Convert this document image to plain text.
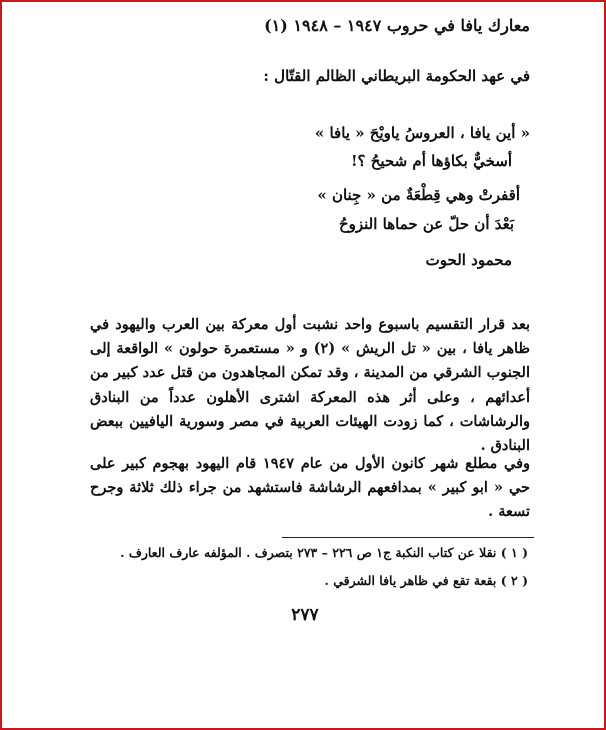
معارك يافا في حروب ١٩٤٧ – ١٩٤٨ (١)
في عهد الحكومة البريطاني الظالم القتّال :
« أين يافا ، العروسُ ياويْحَ « يافا »
أسخيٌّ بكاؤها أم شحيحُ ؟!
أقفرتْ وهي قِطْعَةٌ من « جِنان »
بَعْدَ أن حلّ عن حماها النزوحُ
محمود الحوت
بعد قرار التقسيم باسبوع واحد نشبت أول معركة بين العرب واليهود في ظاهر يافا ، بين « تل الريش » (٢) و « مستعمرة حولون » الواقعة إلى الجنوب الشرقي من المدينة ، وقد تمكن المجاهدون من قتل عدد كبير من أعدائهم ، وعلى أثر هذه المعركة اشترى الأهلون عدداً من البنادق والرشاشات ، كما زودت الهيئات العربية في مصر وسورية اليافيين ببعض البنادق .
وفي مطلع شهر كانون الأول من عام ١٩٤٧ قام اليهود بهجوم كبير على حي « ابو كبير » بمدافعهم الرشاشة فاستشهد من جراء ذلك ثلاثة وجرح تسعة .
( ١ ) نقلا عن كتاب النكبة ج١ ص ٢٢٦ – ٢٧٣ بتصرف . المؤلفه عارف العارف .
( ٢ ) بقعة تقع في ظاهر يافا الشرقي .
٢٧٧
